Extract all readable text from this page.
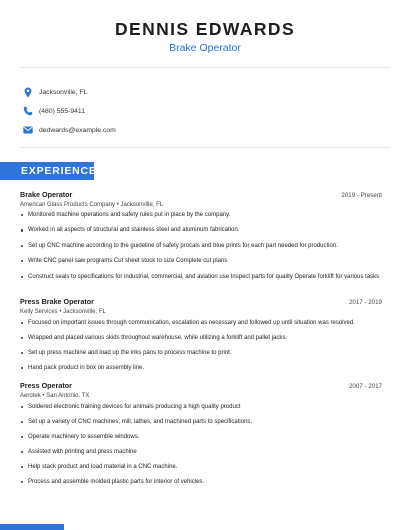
DENNIS EDWARDS
Brake Operator
Jacksonville, FL
(480) 555-9411
dedwards@example.com
EXPERIENCE
Brake Operator	2019 - Present
American Glass Products Company • Jacksonville, FL
Monitored machine operations and safety rules put in place by the company.
Worked in all aspects of structural and stainless steel and aluminum fabrication.
Set up CNC machine according to the guideline of safety procals and blue prints for each part needed for production.
Write CNC panel saw programs Cut sheet stock to size Complete cut plans
Construct seals to specifications for industrial, commercial, and aviation use Inspect parts for quality Operate forklift for various tasks
Press Brake Operator	2017 - 2019
Kelly Services • Jacksonville, FL
Focused on important issues through communication, escalation as necessary and followed up until situation was resolved.
Wrapped and placed various skids throughout warehouse, while utilizing a forklift and pallet jacks.
Set up press machine and load up the inks pans to process machine to print.
Hand pack product in box on assembly line.
Press Operator	2007 - 2017
Aerotek • San Antonio, TX
Soldered electronic training devices for animals producing a high quality product
Set up a variety of CNC machines; mill, lathes, and machined parts to specifications.
Operate machinery to assemble windows.
Assisted with printing and press machine
Help stack product and load material in a CNC machine.
Process and assemble molded plastic parts for interior of vehicles.
